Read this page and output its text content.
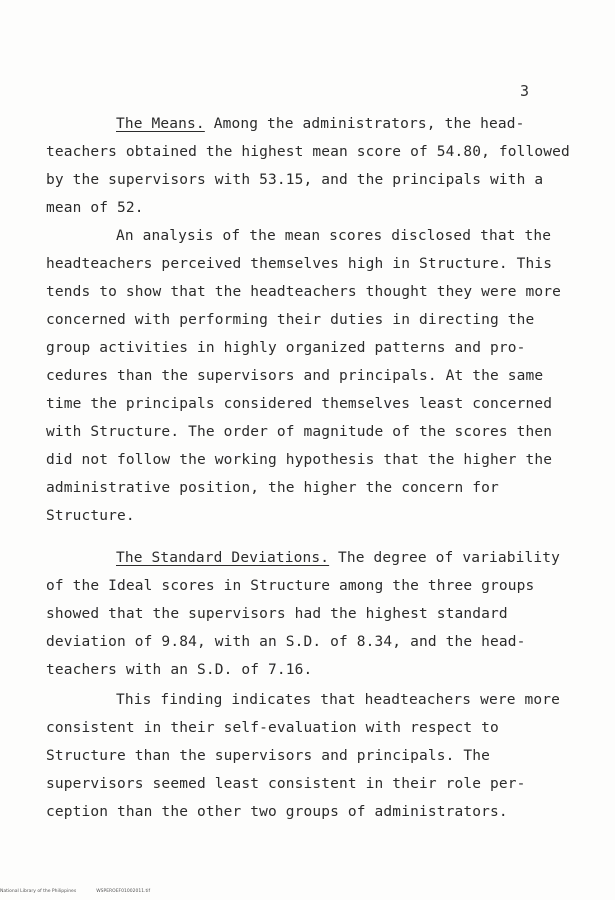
3
The Means. Among the administrators, the head-
teachers obtained the highest mean score of 54.80, followed
by the supervisors with 53.15, and the principals with a
mean of 52.
An analysis of the mean scores disclosed that the
headteachers perceived themselves high in Structure. This
tends to show that the headteachers thought they were more
concerned with performing their duties in directing the
group activities in highly organized patterns and pro-
cedures than the supervisors and principals. At the same
time the principals considered themselves least concerned
with Structure. The order of magnitude of the scores then
did not follow the working hypothesis that the higher the
administrative position, the higher the concern for
Structure.
The Standard Deviations. The degree of variability
of the Ideal scores in Structure among the three groups
showed that the supervisors had the highest standard
deviation of 9.84, with an S.D. of 8.34, and the head-
teachers with an S.D. of 7.16.
This finding indicates that headteachers were more
consistent in their self-evaluation with respect to
Structure than the supervisors and principals. The
supervisors seemed least consistent in their role per-
ception than the other two groups of administrators.
National Library of the Philippines	WSPEROEF01002011.tif
